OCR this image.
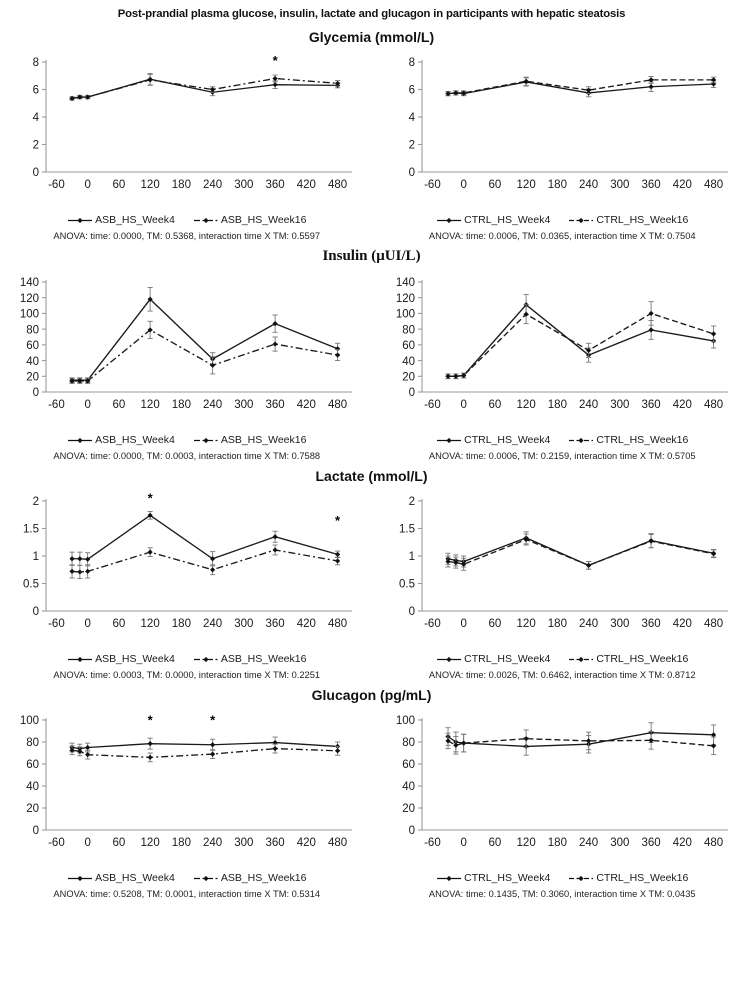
Post-prandial plasma glucose, insulin, lactate and glucagon in participants with hepatic steatosis
Glycemia (mmol/L)
0
2
4
6
8
-60 0 60 120 180 240 300 360 420 480
*
ASB_HS_Week4	ASB_HS_Week16
ANOVA: time: 0.0000, TM: 0.5368, interaction time X TM: 0.5597
0
2
4
6
8
-60 0 60 120 180 240 300 360 420 480
CTRL_HS_Week4	CTRL_HS_Week16
ANOVA: time: 0.0006, TM: 0.0365, interaction time X TM: 0.7504
Insulin (μUI/L)
0
20
40
60
80
100
120
140
-60 0 60 120 180 240 300 360 420 480
ASB_HS_Week4	ASB_HS_Week16
ANOVA: time: 0.0000, TM: 0.0003, interaction time X TM: 0.7588
0
20
40
60
80
100
120
140
-60 0 60 120 180 240 300 360 420 480
CTRL_HS_Week4	CTRL_HS_Week16
ANOVA: time: 0.0006, TM: 0.2159, interaction time X TM: 0.5705
Lactate (mmol/L)
0
0.5
1
1.5
2
-60 0 60 120 180 240 300 360 420 480
*
*
ASB_HS_Week4	ASB_HS_Week16
ANOVA: time: 0.0003, TM: 0.0000, interaction time X TM: 0.2251
0
0.5
1
1.5
2
-60 0 60 120 180 240 300 360 420 480
CTRL_HS_Week4	CTRL_HS_Week16
ANOVA: time: 0.0026, TM: 0.6462, interaction time X TM: 0.8712
Glucagon (pg/mL)
0
20
40
60
80
100
-60 0 60 120 180 240 300 360 420 480
*	*
ASB_HS_Week4	ASB_HS_Week16
ANOVA: time: 0.5208, TM: 0.0001, interaction time X TM: 0.5314
0
20
40
60
80
100
-60 0 60 120 180 240 300 360 420 480
CTRL_HS_Week4	CTRL_HS_Week16
ANOVA: time: 0.1435, TM: 0.3060, interaction time X TM: 0.0435
